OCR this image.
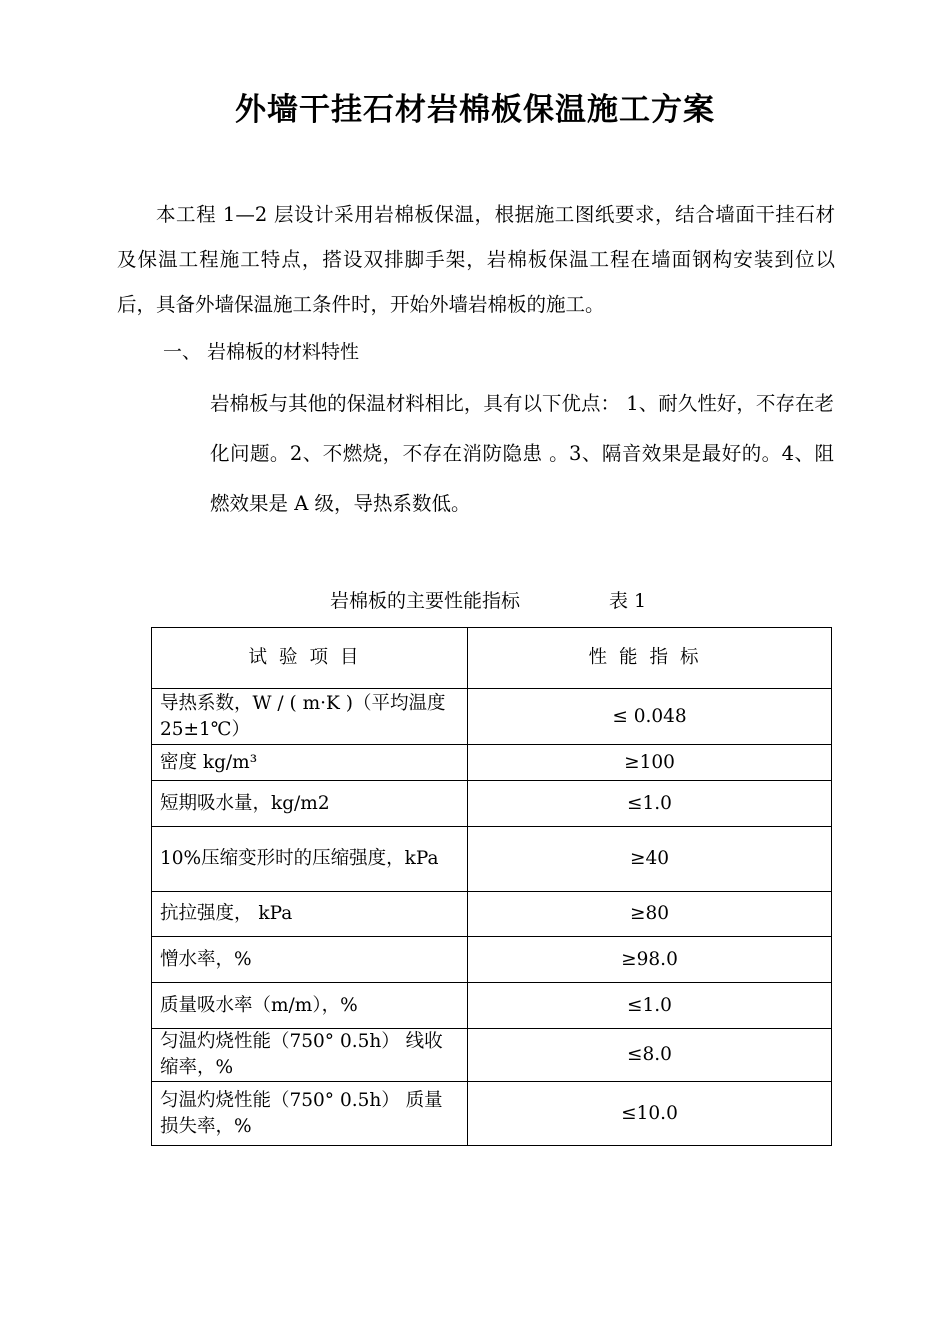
外墙干挂石材岩棉板保温施工方案

本工程 1—2 层设计采用岩棉板保温，根据施工图纸要求，结合墙面干挂石材及保温工程施工特点，搭设双排脚手架，岩棉板保温工程在墙面钢构安装到位以后，具备外墙保温施工条件时，开始外墙岩棉板的施工。

一、 岩棉板的材料特性

岩棉板与其他的保温材料相比，具有以下优点： 1、耐久性好，不存在老化问题。2、不燃烧，不存在消防隐患 。3、隔音效果是最好的。4、阻燃效果是 A 级，导热系数低。

岩棉板的主要性能指标	表 1
试验项目	性能指标
导热系数，W / ( m·K )（平均温度 25±1℃）	≤ 0.048
密度 kg/m³	≥100
短期吸水量，kg/m2	≤1.0
10%压缩变形时的压缩强度，kPa	≥40
抗拉强度， kPa	≥80
憎水率，%	≥98.0
质量吸水率（m/m），%	≤1.0
匀温灼烧性能（750° 0.5h） 线收缩率，%	≤8.0
匀温灼烧性能（750° 0.5h） 质量损失率，%	≤10.0
